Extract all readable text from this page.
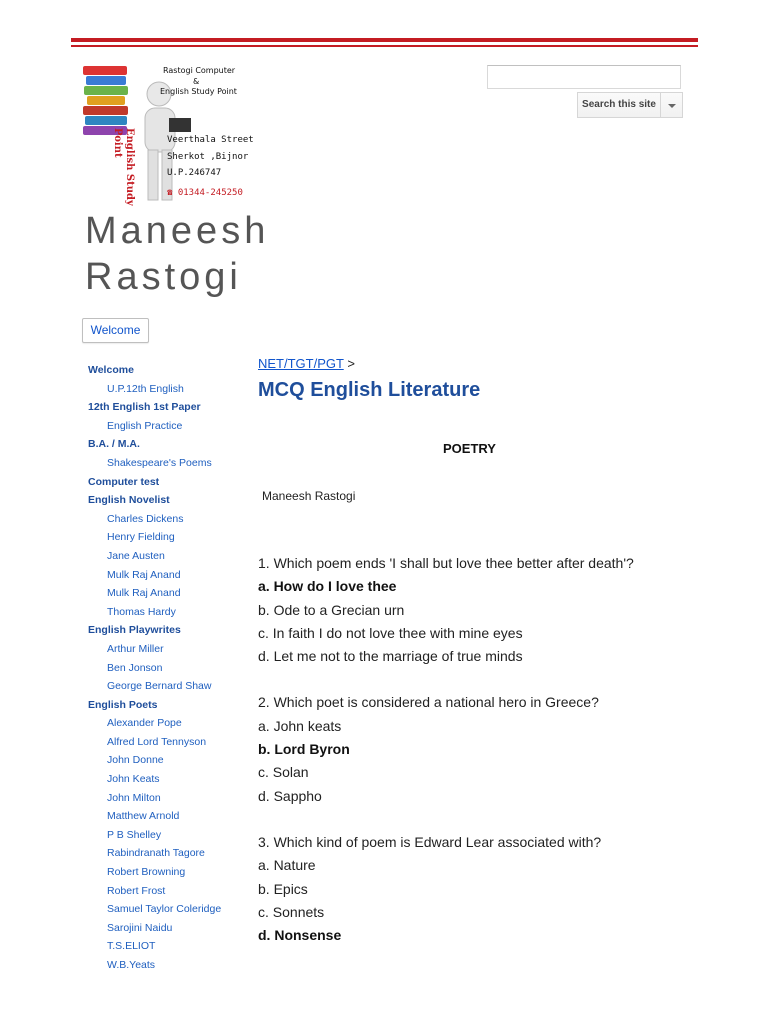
English Study Point
Rastogi Computer
&
English Study Point
Veerthala Street
Sherkot ,Bijnor
U.P.246747
☎ 01344-245250
Search this site
Maneesh Rastogi
Welcome
Welcome
U.P.12th English
12th English 1st Paper
English Practice
B.A. / M.A.
Shakespeare's Poems
Computer test
English Novelist
Charles Dickens
Henry Fielding
Jane Austen
Mulk Raj Anand
Mulk Raj Anand
Thomas Hardy
English Playwrites
Arthur Miller
Ben Jonson
George Bernard Shaw
English Poets
Alexander Pope
Alfred Lord Tennyson
John Donne
John Keats
John Milton
Matthew Arnold
P B Shelley
Rabindranath Tagore
Robert Browning
Robert Frost
Samuel Taylor Coleridge
Sarojini Naidu
T.S.ELIOT
W.B.Yeats
NET/TGT/PGT >
MCQ English Literature
POETRY
Maneesh Rastogi
1. Which poem ends 'I shall but love thee better after death'?
a. How do I love thee
b. Ode to a Grecian urn
c. In faith I do not love thee with mine eyes
d. Let me not to the marriage of true minds
2. Which poet is considered a national hero in Greece?
a. John keats
b. Lord Byron
c. Solan
d. Sappho
3. Which kind of poem is Edward Lear associated with?
a. Nature
b. Epics
c. Sonnets
d. Nonsense
